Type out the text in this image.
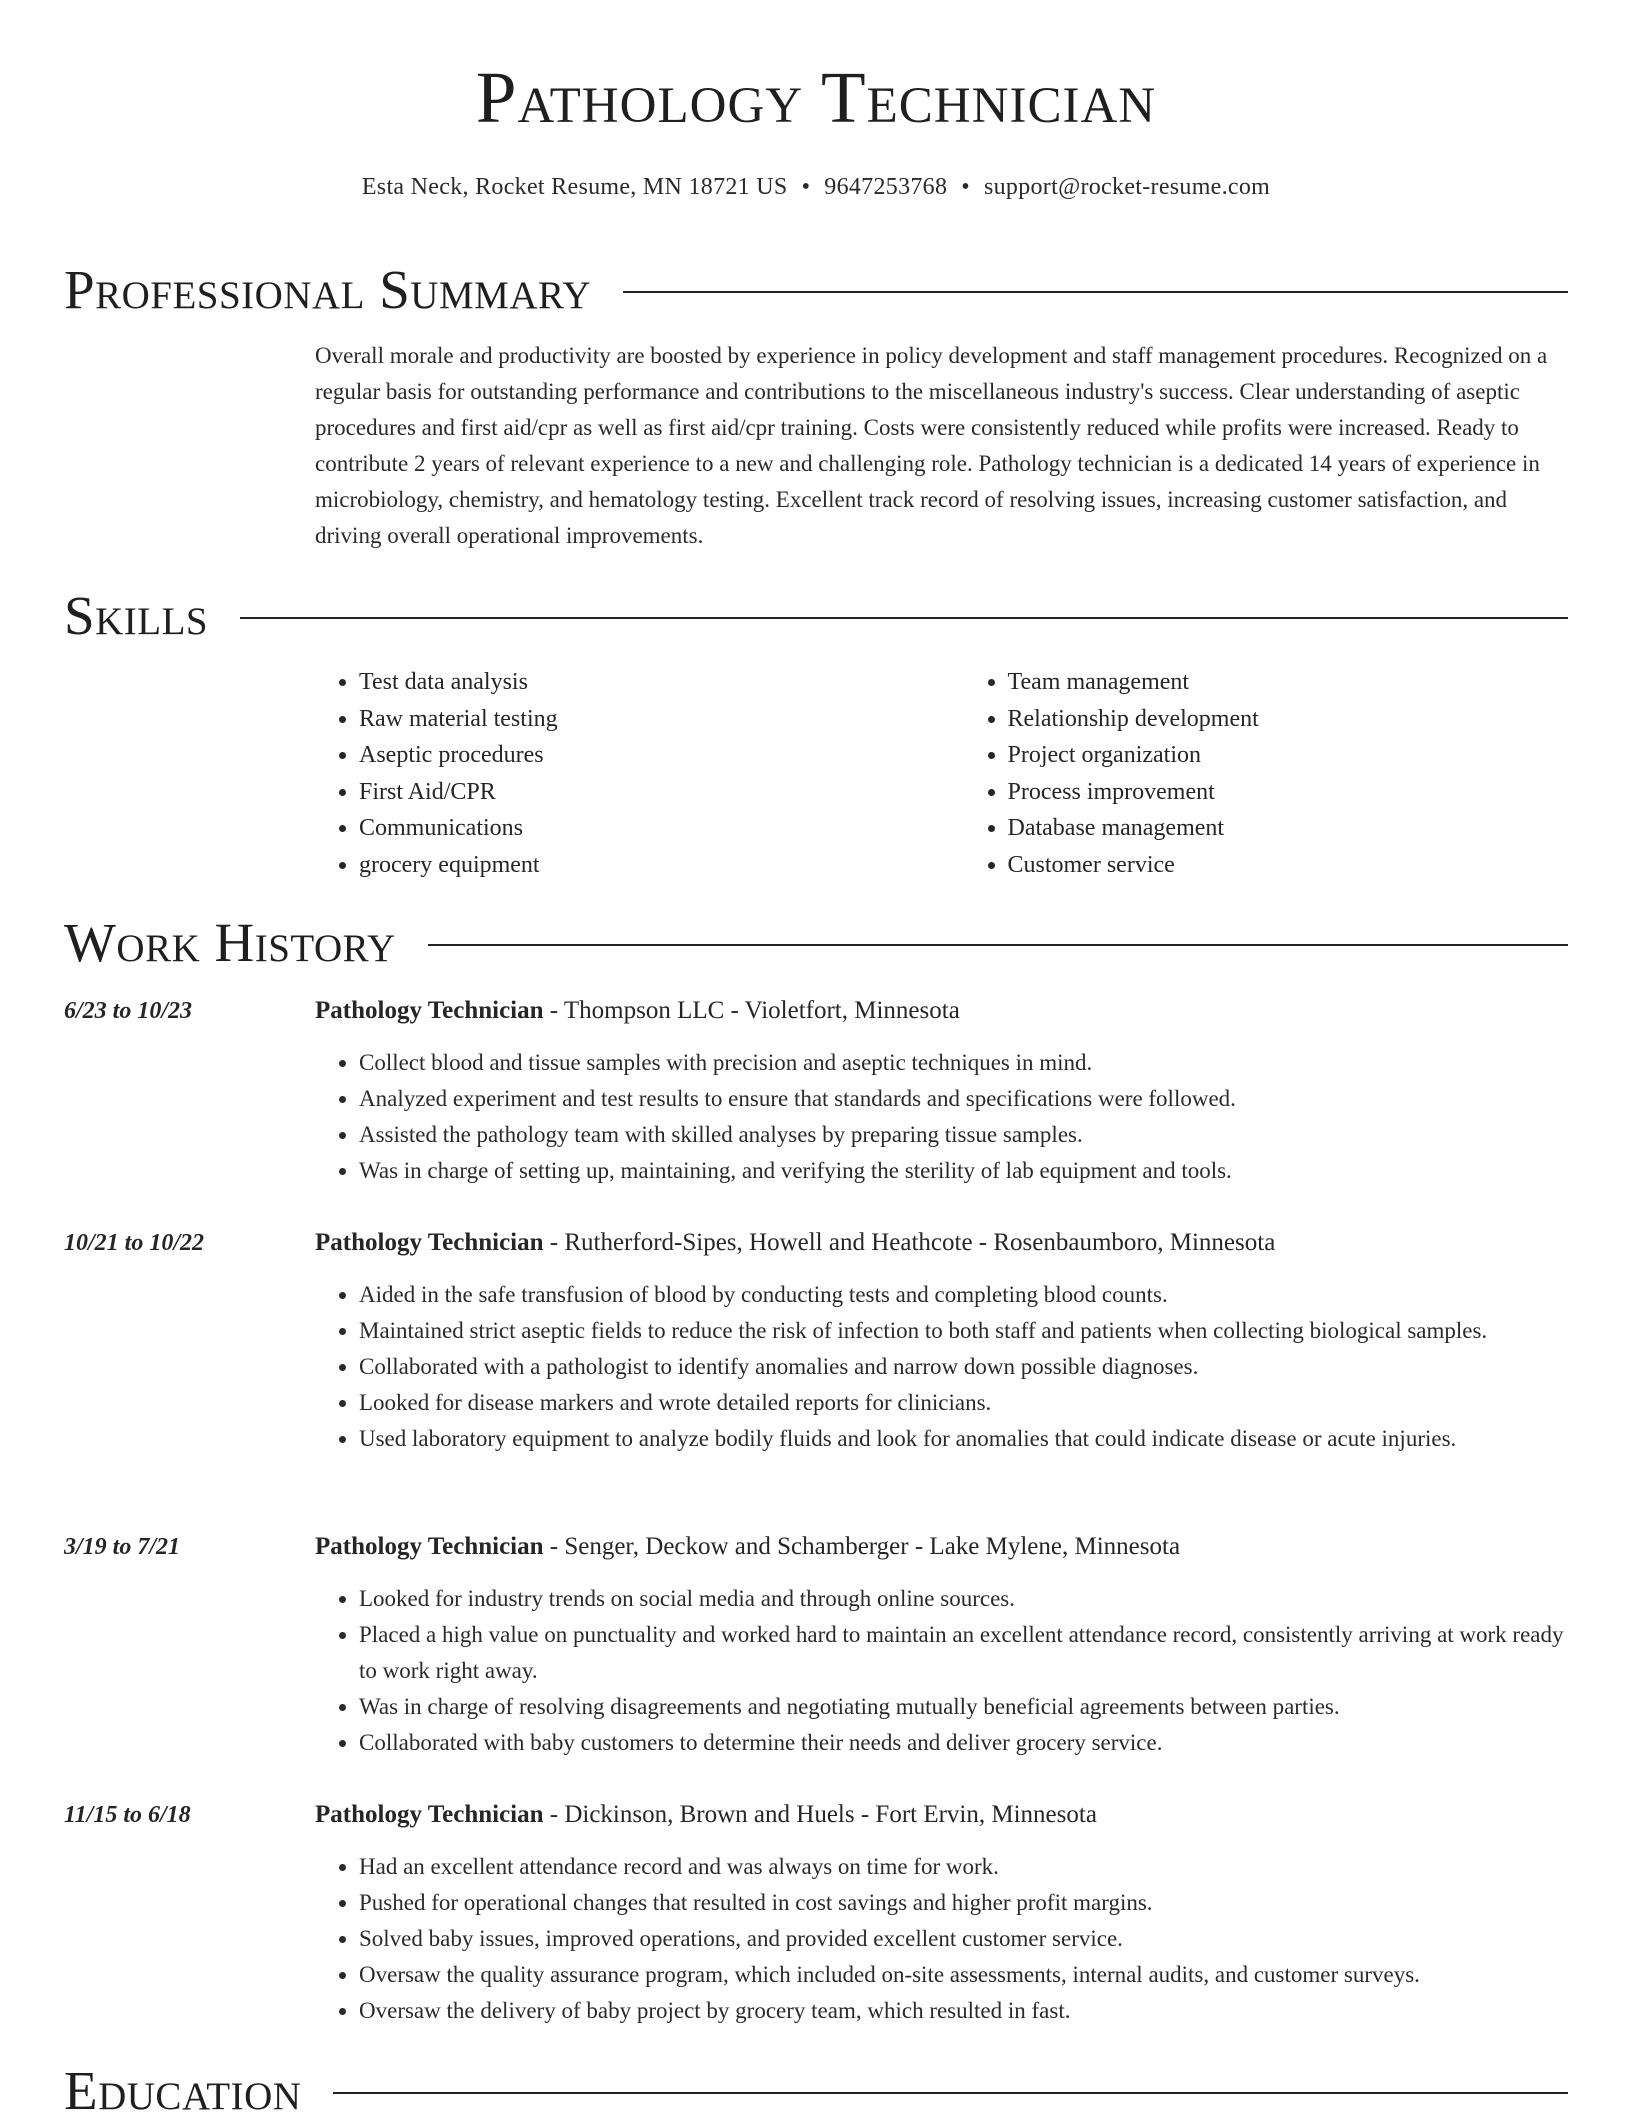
Pathology Technician
Esta Neck, Rocket Resume, MN 18721 US • 9647253768 • support@rocket-resume.com
Professional Summary

Overall morale and productivity are boosted by experience in policy development and staff management procedures. Recognized on a regular basis for outstanding performance and contributions to the miscellaneous industry's success. Clear understanding of aseptic procedures and first aid/cpr as well as first aid/cpr training. Costs were consistently reduced while profits were increased. Ready to contribute 2 years of relevant experience to a new and challenging role. Pathology technician is a dedicated 14 years of experience in microbiology, chemistry, and hematology testing. Excellent track record of resolving issues, increasing customer satisfaction, and driving overall operational improvements.

Skills
• Test data analysis
• Raw material testing
• Aseptic procedures
• First Aid/CPR
• Communications
• grocery equipment
• Team management
• Relationship development
• Project organization
• Process improvement
• Database management
• Customer service
Work History
6/23 to 10/23	Pathology Technician - Thompson LLC - Violetfort, Minnesota
• Collect blood and tissue samples with precision and aseptic techniques in mind.
• Analyzed experiment and test results to ensure that standards and specifications were followed.
• Assisted the pathology team with skilled analyses by preparing tissue samples.
• Was in charge of setting up, maintaining, and verifying the sterility of lab equipment and tools.
10/21 to 10/22	Pathology Technician - Rutherford-Sipes, Howell and Heathcote - Rosenbaumboro, Minnesota
• Aided in the safe transfusion of blood by conducting tests and completing blood counts.
• Maintained strict aseptic fields to reduce the risk of infection to both staff and patients when collecting biological samples.
• Collaborated with a pathologist to identify anomalies and narrow down possible diagnoses.
• Looked for disease markers and wrote detailed reports for clinicians.
• Used laboratory equipment to analyze bodily fluids and look for anomalies that could indicate disease or acute injuries.
3/19 to 7/21	Pathology Technician - Senger, Deckow and Schamberger - Lake Mylene, Minnesota
• Looked for industry trends on social media and through online sources.
• Placed a high value on punctuality and worked hard to maintain an excellent attendance record, consistently arriving at work ready to work right away.
• Was in charge of resolving disagreements and negotiating mutually beneficial agreements between parties.
• Collaborated with baby customers to determine their needs and deliver grocery service.
11/15 to 6/18	Pathology Technician - Dickinson, Brown and Huels - Fort Ervin, Minnesota
• Had an excellent attendance record and was always on time for work.
• Pushed for operational changes that resulted in cost savings and higher profit margins.
• Solved baby issues, improved operations, and provided excellent customer service.
• Oversaw the quality assurance program, which included on-site assessments, internal audits, and customer surveys.
• Oversaw the delivery of baby project by grocery team, which resulted in fast.
Education
